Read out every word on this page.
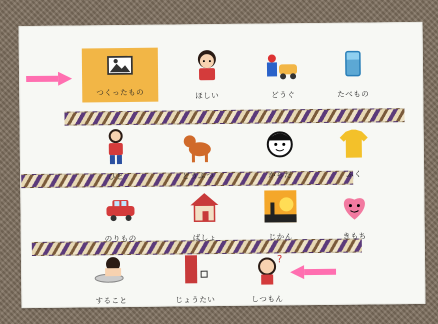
つくったもの	ほしい	どうぐ	たべもの
ひと	どうぶつ	からだ	ふく
のりもの	ばしょ	じかん	きもち
すること	じょうたい
?
しつもん
